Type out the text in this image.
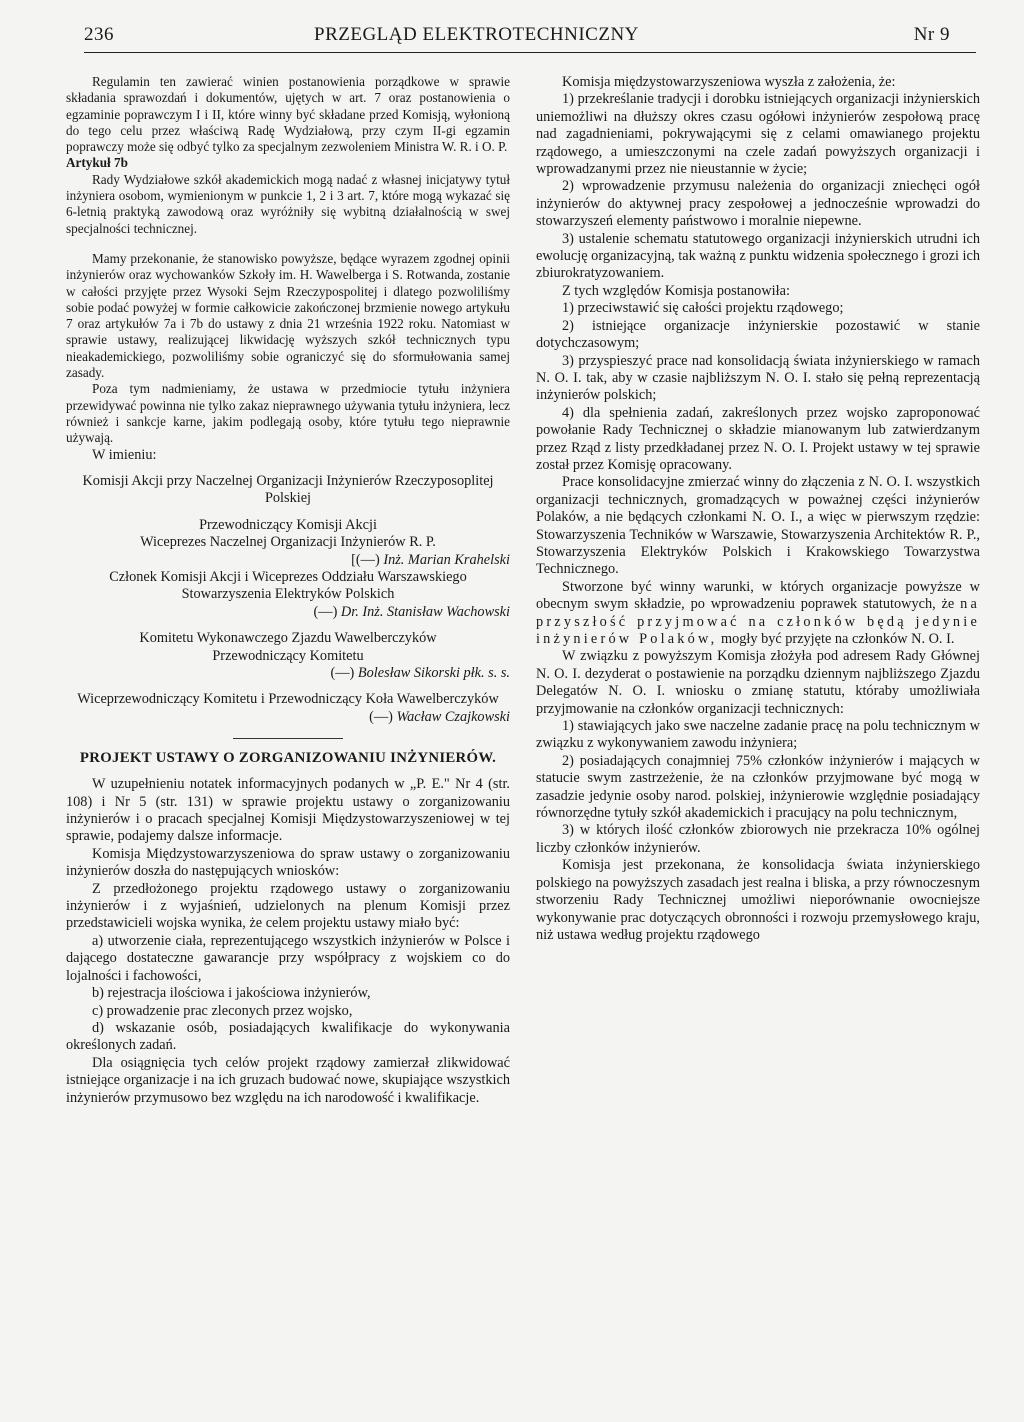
236	PRZEGLĄD ELEKTROTECHNICZNY	Nr 9

Regulamin ten zawierać winien postanowienia porządkowe w sprawie składania sprawozdań i dokumentów, ujętych w art. 7 oraz postanowienia o egzaminie poprawczym I i II, które winny być składane przed Komisją, wyłonioną do tego celu przez właściwą Radę Wydziałową, przy czym II-gi egzamin poprawczy może się odbyć tylko za specjalnym zezwoleniem Ministra W. R. i O. P.

Artykuł 7b

Rady Wydziałowe szkół akademickich mogą nadać z własnej inicjatywy tytuł inżyniera osobom, wymienionym w punkcie 1, 2 i 3 art. 7, które mogą wykazać się 6-letnią praktyką zawodową oraz wyróżniły się wybitną działalnością w swej specjalności technicznej.

Mamy przekonanie, że stanowisko powyższe, będące wyrazem zgodnej opinii inżynierów oraz wychowanków Szkoły im. H. Wawelberga i S. Rotwanda, zostanie w całości przyjęte przez Wysoki Sejm Rzeczypospolitej i dlatego pozwoliliśmy sobie podać powyżej w formie całkowicie zakończonej brzmienie nowego artykułu 7 oraz artykułów 7a i 7b do ustawy z dnia 21 września 1922 roku. Natomiast w sprawie ustawy, realizującej likwidację wyższych szkół technicznych typu nieakademickiego, pozwoliliśmy sobie ograniczyć się do sformułowania samej zasady.

Poza tym nadmieniamy, że ustawa w przedmiocie tytułu inżyniera przewidywać powinna nie tylko zakaz nieprawnego używania tytułu inżyniera, lecz również i sankcje karne, jakim podlegają osoby, które tytułu tego nieprawnie używają.

W imieniu:

Komisji Akcji przy Naczelnej Organizacji Inżynierów Rzeczyposoplitej Polskiej

Przewodniczący Komisji Akcji

Wiceprezes Naczelnej Organizacji Inżynierów R. P.

[(—) Inż. Marian Krahelski

Członek Komisji Akcji i Wiceprezes Oddziału Warszawskiego Stowarzyszenia Elektryków Polskich

(—) Dr. Inż. Stanisław Wachowski

Komitetu Wykonawczego Zjazdu Wawelberczyków

Przewodniczący Komitetu

(—) Bolesław Sikorski płk. s. s.

Wiceprzewodniczący Komitetu i Przewodniczący Koła Wawelberczyków

(—) Wacław Czajkowski

PROJEKT USTAWY O ZORGANIZOWANIU INŻYNIERÓW.

W uzupełnieniu notatek informacyjnych podanych w „P. E." Nr 4 (str. 108) i Nr 5 (str. 131) w sprawie projektu ustawy o zorganizowaniu inżynierów i o pracach specjalnej Komisji Międzystowarzyszeniowej w tej sprawie, podajemy dalsze informacje.

Komisja Międzystowarzyszeniowa do spraw ustawy o zorganizowaniu inżynierów doszła do następujących wniosków:

Z przedłożonego projektu rządowego ustawy o zorganizowaniu inżynierów i z wyjaśnień, udzielonych na plenum Komisji przez przedstawicieli wojska wynika, że celem projektu ustawy miało być:

a) utworzenie ciała, reprezentującego wszystkich inżynierów w Polsce i dającego dostateczne gawarancje przy współpracy z wojskiem co do lojalności i fachowości,

b) rejestracja ilościowa i jakościowa inżynierów,

c) prowadzenie prac zleconych przez wojsko,

d) wskazanie osób, posiadających kwalifikacje do wykonywania określonych zadań.

Dla osiągnięcia tych celów projekt rządowy zamierzał zlikwidować istniejące organizacje i na ich gruzach budować nowe, skupiające wszystkich inżynierów przymusowo bez względu na ich narodowość i kwalifikacje.

Komisja międzystowarzyszeniowa wyszła z założenia, że:

1) przekreślanie tradycji i dorobku istniejących organizacji inżynierskich uniemożliwi na dłuższy okres czasu ogółowi inżynierów zespołową pracę nad zagadnieniami, pokrywającymi się z celami omawianego projektu rządowego, a umieszczonymi na czele zadań powyższych organizacji i wprowadzanymi przez nie nieustannie w życie;

2) wprowadzenie przymusu należenia do organizacji zniechęci ogół inżynierów do aktywnej pracy zespołowej a jednocześnie wprowadzi do stowarzyszeń elementy państwowo i moralnie niepewne.

3) ustalenie schematu statutowego organizacji inżynierskich utrudni ich ewolucję organizacyjną, tak ważną z punktu widzenia społecznego i grozi ich zbiurokratyzowaniem.

Z tych względów Komisja postanowiła:

1) przeciwstawić się całości projektu rządowego;

2) istniejące organizacje inżynierskie pozostawić w stanie dotychczasowym;

3) przyspieszyć prace nad konsolidacją świata inżynierskiego w ramach N. O. I. tak, aby w czasie najbliższym N. O. I. stało się pełną reprezentacją inżynierów polskich;

4) dla spełnienia zadań, zakreślonych przez wojsko zaproponować powołanie Rady Technicznej o składzie mianowanym lub zatwierdzanym przez Rząd z listy przedkładanej przez N. O. I. Projekt ustawy w tej sprawie został przez Komisję opracowany.

Prace konsolidacyjne zmierzać winny do złączenia z N. O. I. wszystkich organizacji technicznych, gromadzących w poważnej części inżynierów Polaków, a nie będących członkami N. O. I., a więc w pierwszym rzędzie: Stowarzyszenia Techników w Warszawie, Stowarzyszenia Architektów R. P., Stowarzyszenia Elektryków Polskich i Krakowskiego Towarzystwa Technicznego.

Stworzone być winny warunki, w których organizacje powyższe w obecnym swym składzie, po wprowadzeniu poprawek statutowych, że na przyszłość przyjmować na członków będą jedynie inżynierów Polaków, mogły być przyjęte na członków N. O. I.

W związku z powyższym Komisja złożyła pod adresem Rady Głównej N. O. I. dezyderat o postawienie na porządku dziennym najbliższego Zjazdu Delegatów N. O. I. wniosku o zmianę statutu, któraby umożliwiała przyjmowanie na członków organizacji technicznych:

1) stawiających jako swe naczelne zadanie pracę na polu technicznym w związku z wykonywaniem zawodu inżyniera;

2) posiadających conajmniej 75% członków inżynierów i mających w statucie swym zastrzeżenie, że na członków przyjmowane być mogą w zasadzie jedynie osoby narod. polskiej, inżynierowie względnie posiadający równorzędne tytuły szkół akademickich i pracujący na polu technicznym,

3) w których ilość członków zbiorowych nie przekracza 10% ogólnej liczby członków inżynierów.

Komisja jest przekonana, że konsolidacja świata inżynierskiego polskiego na powyższych zasadach jest realna i bliska, a przy równoczesnym stworzeniu Rady Technicznej umożliwi nieporównanie owocniejsze wykonywanie prac dotyczących obronności i rozwoju przemysłowego kraju, niż ustawa według projektu rządowego
